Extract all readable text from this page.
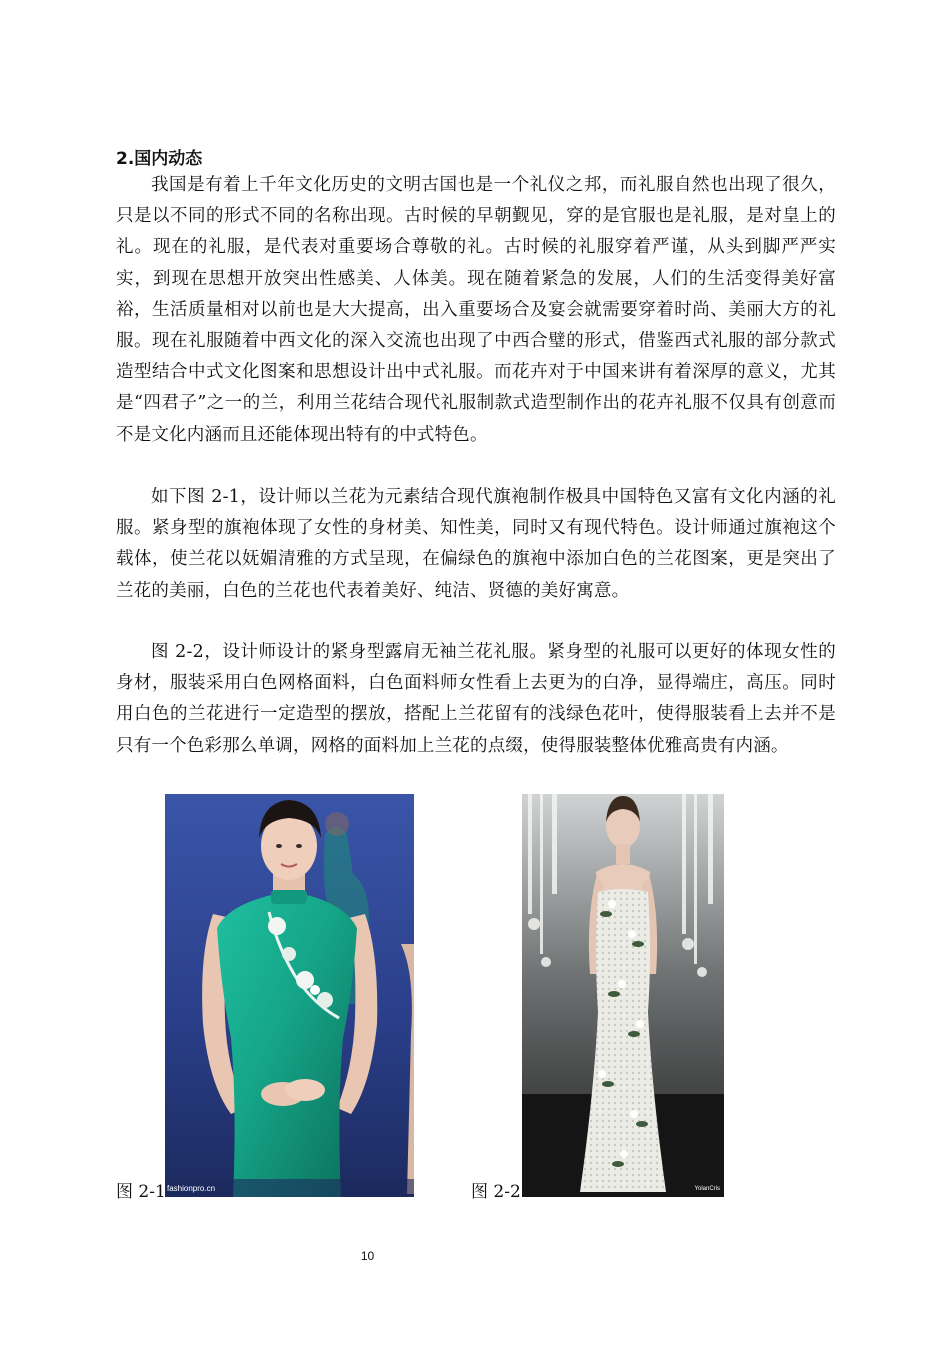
2.国内动态

我国是有着上千年文化历史的文明古国也是一个礼仪之邦，而礼服自然也出现了很久，只是以不同的形式不同的名称出现。古时候的早朝觐见，穿的是官服也是礼服，是对皇上的礼。现在的礼服，是代表对重要场合尊敬的礼。古时候的礼服穿着严谨，从头到脚严严实实，到现在思想开放突出性感美、人体美。现在随着紧急的发展，人们的生活变得美好富裕，生活质量相对以前也是大大提高，出入重要场合及宴会就需要穿着时尚、美丽大方的礼服。现在礼服随着中西文化的深入交流也出现了中西合璧的形式，借鉴西式礼服的部分款式造型结合中式文化图案和思想设计出中式礼服。而花卉对于中国来讲有着深厚的意义，尤其是“四君子”之一的兰，利用兰花结合现代礼服制款式造型制作出的花卉礼服不仅具有创意而不是文化内涵而且还能体现出特有的中式特色。

如下图 2-1，设计师以兰花为元素结合现代旗袍制作极具中国特色又富有文化内涵的礼服。紧身型的旗袍体现了女性的身材美、知性美，同时又有现代特色。设计师通过旗袍这个载体，使兰花以妩媚清雅的方式呈现，在偏绿色的旗袍中添加白色的兰花图案，更是突出了兰花的美丽，白色的兰花也代表着美好、纯洁、贤德的美好寓意。

图 2-2，设计师设计的紧身型露肩无袖兰花礼服。紧身型的礼服可以更好的体现女性的身材，服装采用白色网格面料，白色面料师女性看上去更为的白净，显得端庄，高压。同时用白色的兰花进行一定造型的摆放，搭配上兰花留有的浅绿色花叶，使得服装看上去并不是只有一个色彩那么单调，网格的面料加上兰花的点缀，使得服装整体优雅高贵有内涵。

fashionpro.cn	YolanCris
图 2-1	图 2-2
10
